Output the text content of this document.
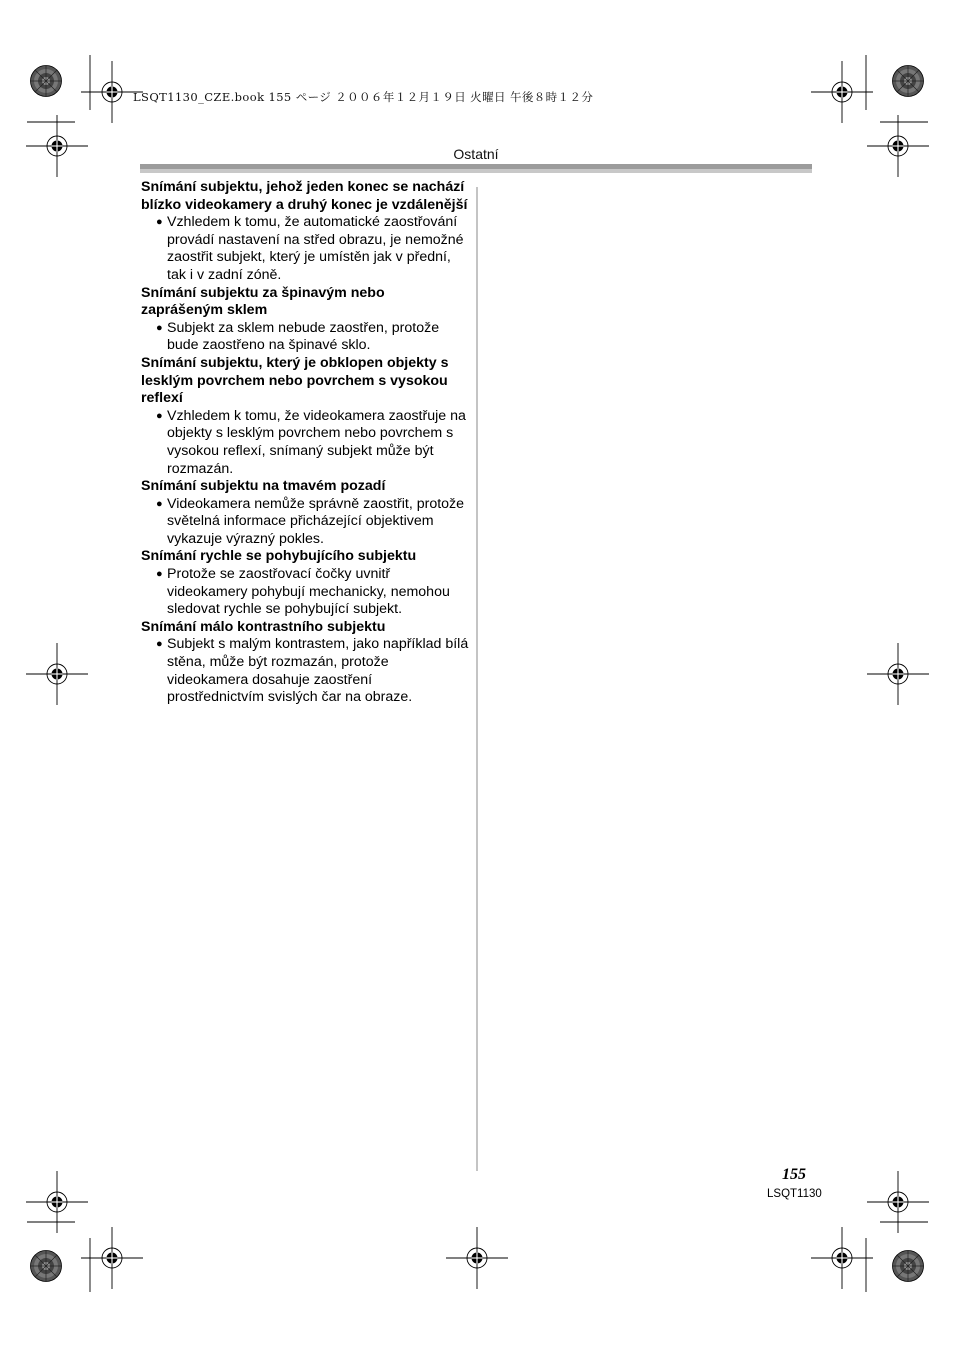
LSQT1130_CZE.book 155 ページ ２００６年１２月１９日 火曜日 午後８時１２分
Ostatní

Snímání subjektu, jehož jeden konec se nachází blízko videokamery a druhý konec je vzdálenější

● Vzhledem k tomu, že automatické zaostřování provádí nastavení na střed obrazu, je nemožné zaostřit subjekt, který je umístěn jak v přední, tak i v zadní zóně.

Snímání subjektu za špinavým nebo zaprášeným sklem

● Subjekt za sklem nebude zaostřen, protože bude zaostřeno na špinavé sklo.

Snímání subjektu, který je obklopen objekty s lesklým povrchem nebo povrchem s vysokou reflexí

● Vzhledem k tomu, že videokamera zaostřuje na objekty s lesklým povrchem nebo povrchem s vysokou reflexí, snímaný subjekt může být rozmazán.

Snímání subjektu na tmavém pozadí

● Videokamera nemůže správně zaostřit, protože světelná informace přicházející objektivem vykazuje výrazný pokles.

Snímání rychle se pohybujícího subjektu

● Protože se zaostřovací čočky uvnitř videokamery pohybují mechanicky, nemohou sledovat rychle se pohybující subjekt.

Snímání málo kontrastního subjektu

● Subjekt s malým kontrastem, jako například bílá stěna, může být rozmazán, protože videokamera dosahuje zaostření prostřednictvím svislých čar na obraze.

155
LSQT1130
